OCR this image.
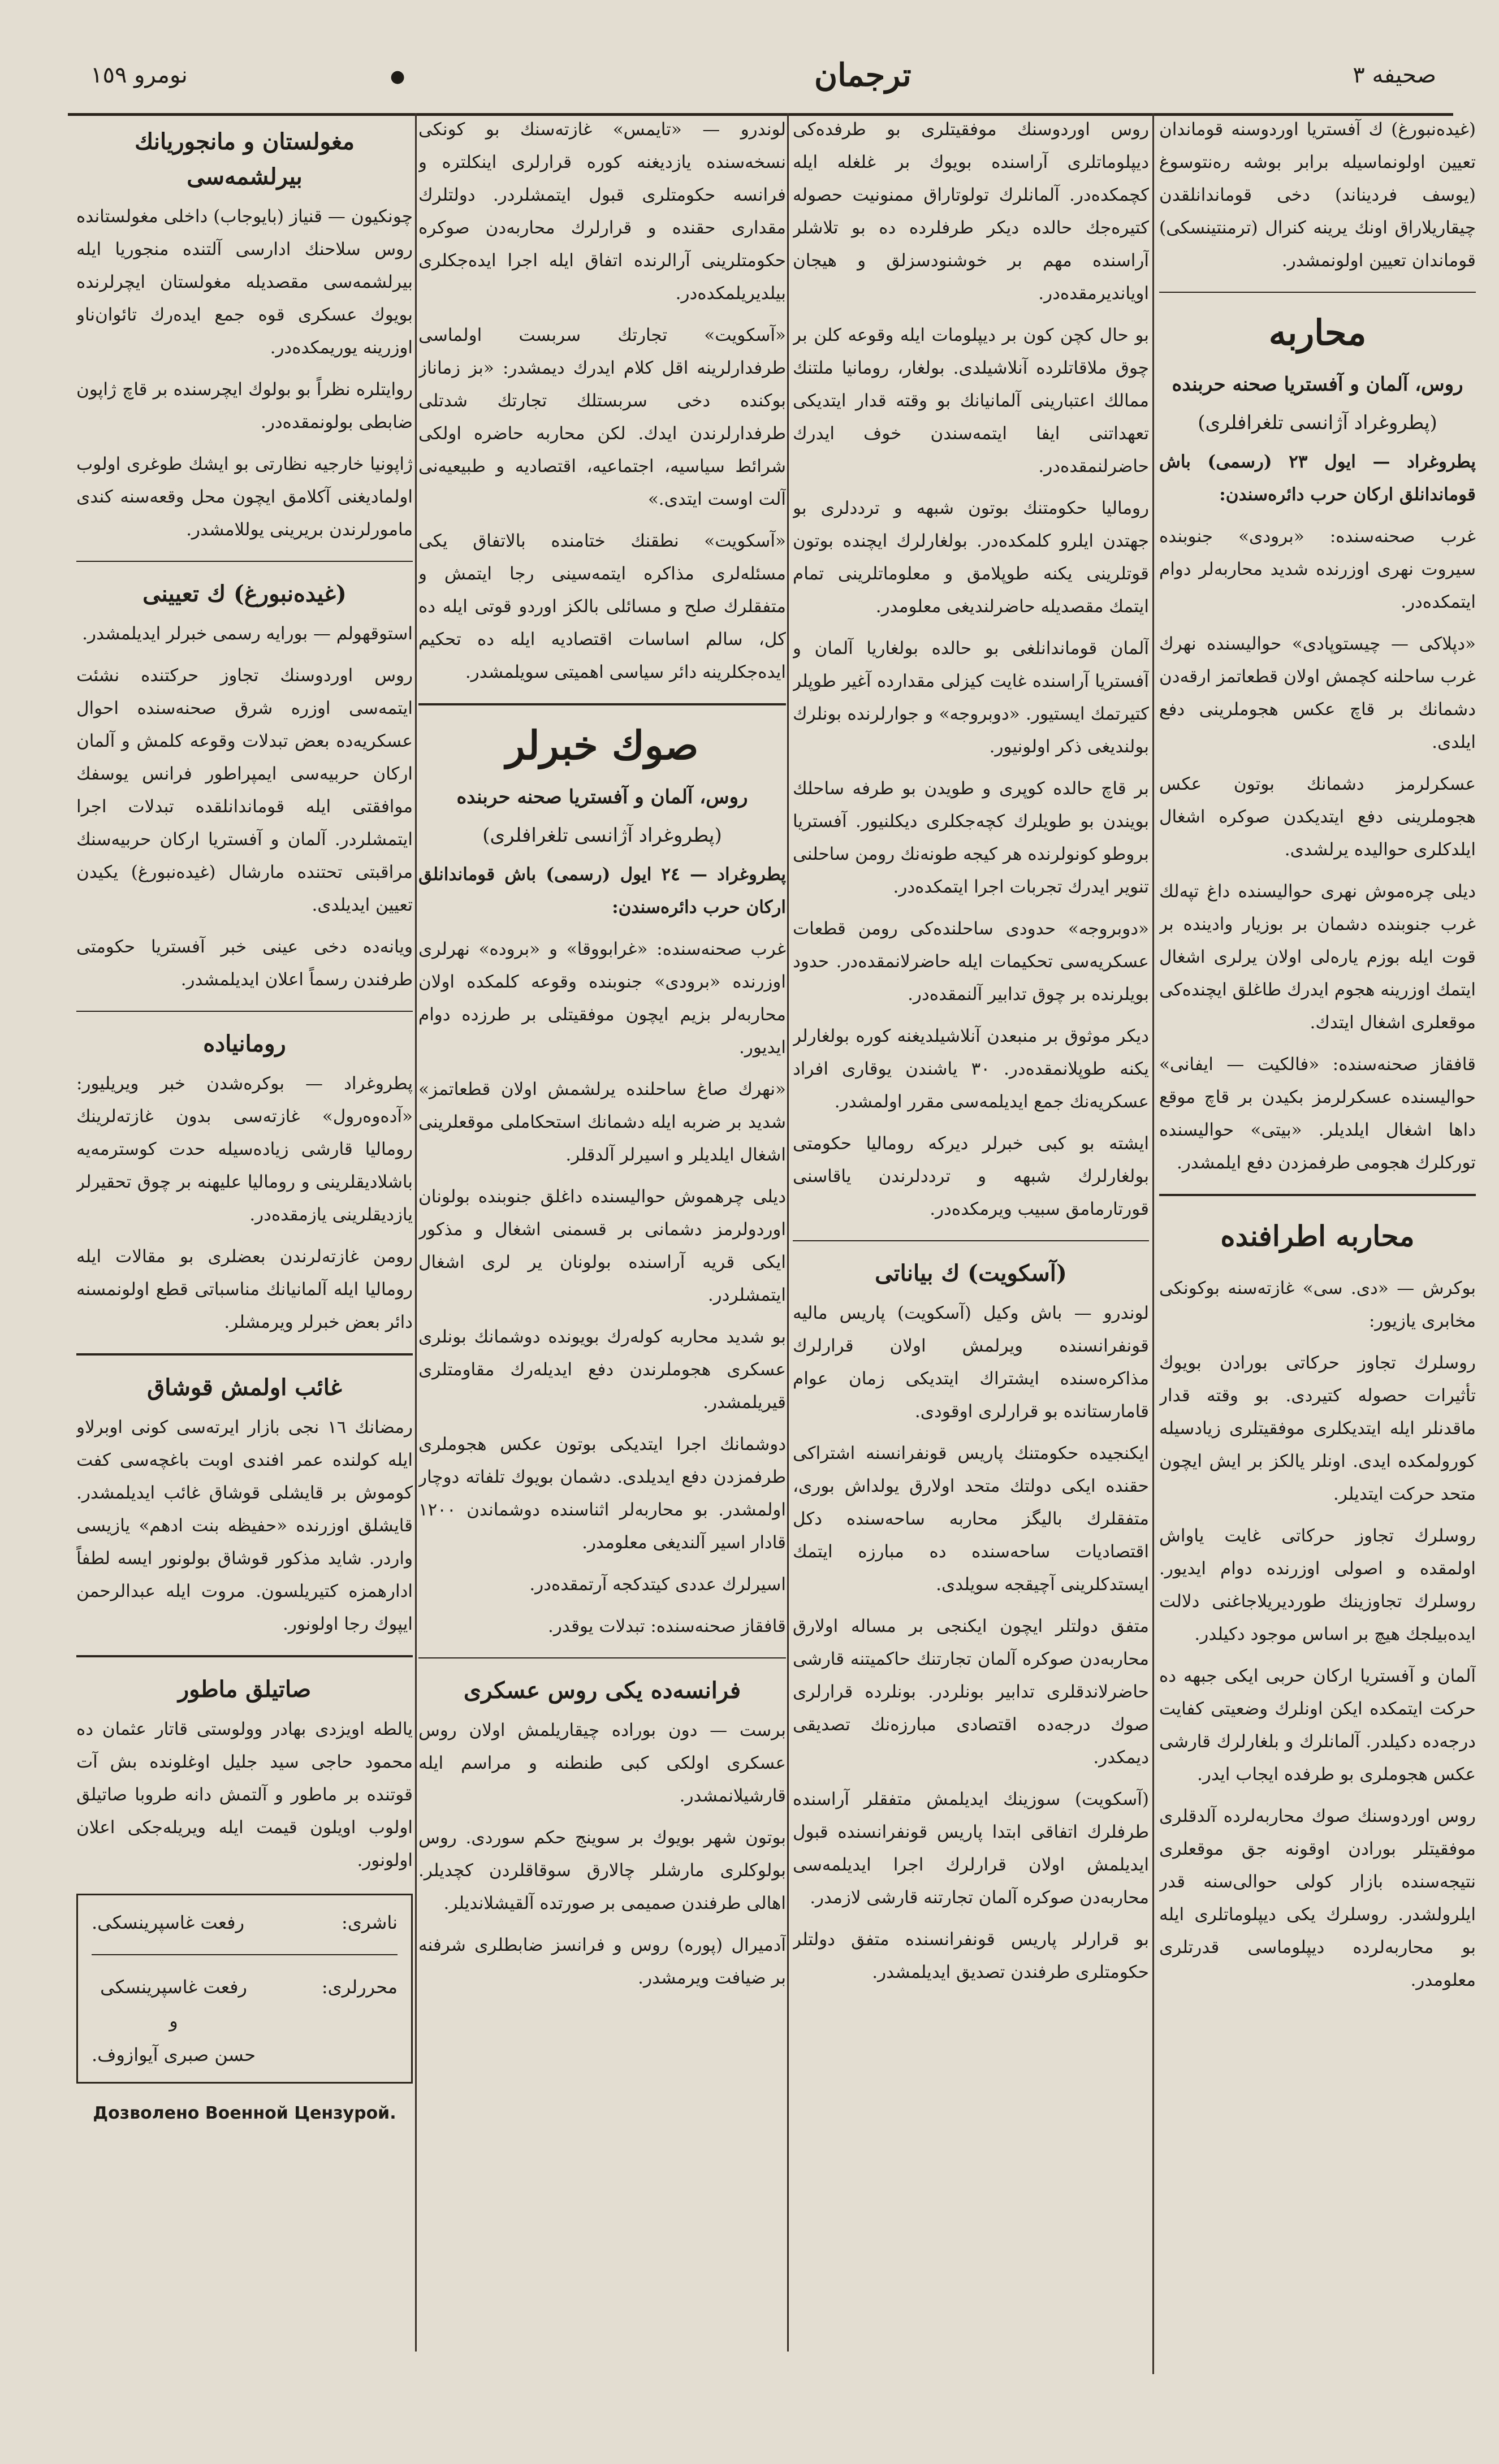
نومرو ١٥٩	●	ترجمان	صحيفه ٣

(غيده‌نبورغ) ك آفستريا اوردوسنه قوماندان تعيين اولونماسيله برابر‌ بوشه ره‌نتوسوغ (يوسف فرديناند) دخى قوماندانلقدن چيقاريلاراق اونك يرينه كنرال (ترمنتينسكى) قوماندان تعيين اولونمشدر.

محاربه
روس، آلمان و آفستريا صحنه حربنده
(پطروغراد آژانسى تلغرافلرى)

پطروغراد — ايول ٢٣ (رسمى) باش قوماندانلق اركان حرب دائره‌سندن:

غرب صحنه‌سنده: «برودى» جنوبنده سيروت نهرى اوزرنده شديد محاربه‌لر دوام ايتمكده‌در.

«دپلاكى — چيستوپادى» حواليسنده نهرك غرب ساحلنه كچمش اولان قطعاتمز ارقه‌دن دشمانك بر قاچ عكس هجوملرينى دفع ايلدى.

عسكرلرمز دشمانك بوتون عكس هجوملرينى دفع ايتديكدن صوكره اشغال ايلدكلرى حواليده يرلشدى.

ديلى چره‌موش نهرى حواليسنده داغ تپه‌لك غرب جنوبنده دشمان بر بوزيار وادينده بر قوت ايله بوزم ياره‌لى اولان يرلرى اشغال ايتمك اوزرينه هجوم ايدرك طاغلق ايچنده‌كى موقعلرى اشغال ايتدك.

قافقاز صحنه‌سنده: «فالكيت — ايفانى» حواليسنده عسكرلرمز بكيدن بر قاچ موقع داها اشغال ايلديلر. «بيتى» حواليسنده توركلرك هجومى طرفمزدن دفع ايلمشدر.

محاربه اطرافنده

بوكرش — «دى. سى» غازته‌سنه بو‌كونكى مخابرى يازيور:

روسلرك تجاوز حركاتى بورادن بويوك تأثيرات حصوله كتيردى. بو وقته قدار ماقدنلر ايله ايتديكلرى موفقيتلرى زيادسيله كورولمكده ايدى. اونلر يالكز بر ايش ايچون متحد حركت ايتديلر.

روسلرك تجاوز حركاتى غايت ياواش اولمقده و اصولى اوزرنده دوام ايديور. روسلرك تجاوزينك طورديريلاجاغنى دلالت ايده‌بيلجك هيچ بر اساس موجود دكيلدر.

آلمان و آفستريا اركان حربى ايكى جبهه ده حركت ايتمكده ايكن اونلرك وضعيتى كفايت درجه‌ده دكيلدر. آلمانلرك و بلغارلرك قارشى عكس هجوملرى بو طرفده ايجاب ايدر.

روس اوردوسنك صوك محاربه‌لرده آلدقلرى موفقيتلر بورادن اوقونه جق موقعلرى نتيجه‌سنده بازار كولى حوالى‌سنه قدر ايلرولشدر. روسلرك يكى ديپلوماتلرى ايله بو محاربه‌لرده ديپلوماسى قدرتلرى معلومدر.

روس اوردوسنك موفقيتلرى بو طرفده‌كى ديپلوماتلرى آراسنده بويوك بر غلغله ايله كچمكده‌در. آلمانلرك تولوتاراق ممنونيت حصوله كتيره‌جك حالده ديكر طرفلرده ده بو تلاشلر آراسنده مهم بر خوشنودسزلق و هيجان اويانديرمقده‌در.

بو حال كچن كون بر ديپلومات ايله وقوعه كلن بر چوق ملاقاتلرده آنلاشيلدى. بولغار، رومانيا ملتنك ممالك اعتبارينى آلمانيانك بو وقته قدار ايتديكى تعهداتنى ايفا ايتمه‌سندن خوف ايدرك حاضرلنمقده‌در.

روماليا حكومتنك بوتون شبهه و ترددلرى بو جهتدن ايلرو كلمكده‌در. بولغارلرك ايچنده بوتون قوتلرينى يكنه طوپلامق و معلوماتلرينى تمام ايتمك مقصديله حاضرلنديغى معلومدر.

آلمان قوماندانلغى بو حالده بولغاريا آلمان و آفستريا آراسنده غايت كيزلى مقدارده آغير طوپلر كتيرتمك ايستيور. «دوبروجه» و جوارلرنده بونلرك بولنديغى ذكر اولونيور.

بر قاچ حالده كوپرى و طويدن بو طرفه ساحلك بويندن بو طويلرك كچه‌جكلرى ديكلنيور. آفستريا بروطو كونولرنده هر كيجه طونه‌نك رومن ساحلنى تنوير ايدرك تجربات اجرا ايتمكده‌در.

«دوبروجه» حدودى ساحلنده‌كى رومن قطعات عسكريه‌سى تحكيمات ايله حاضرلانمقده‌در. حدود بويلرنده بر چوق تدابير آلنمقده‌در.

ديكر موثوق بر منبعدن آنلاشيلديغنه كوره بولغارلر يكنه طوپلانمقده‌در. ٣٠ ياشندن يوقارى افراد عسكريه‌نك جمع ايديلمه‌سى مقرر اولمشدر.

ايشته بو كبى خبرلر ديركه روماليا حكومتى بولغارلرك شبهه و ترددلرندن ياقاسنى قورتارمامق سبيب ويرمكده‌در.

(آسكويت) ك بياناتى

لوندرو — باش وكيل (آسكويت) پاريس ماليه قونفرانسنده ويرلمش اولان قرارلرك مذاكره‌سنده ايشتراك ايتديكى زمان عوام قامارستانده بو قرارلرى اوقودى.

ايكنجيده حكومتنك پاريس قونفرانسنه اشتراكى حقنده ايكى دولتك متحد اولارق يولداش بورى، متفقلرك باليگز محاربه ساحه‌سنده دكل اقتصاديات ساحه‌سنده ده مبارزه ايتمك ايستدكلرينى آچيقجه سويلدى.

متفق دولتلر ايچون ايكنجى بر مساله اولارق محاربه‌دن صوكره آلمان تجارتنك حاكميتنه قارشى حاضرلاندقلرى تدابير بونلردر. بونلرده قرارلرى صوك درجه‌ده اقتصادى مبارزه‌نك تصديقى ديمكدر.

(آسكويت) سوزينك ايديلمش متفقلر آراسنده طرفلرك اتفاقى ابتدا پاريس قونفرانسنده قبول ايديلمش اولان قرارلرك اجرا ايديلمه‌سى محاربه‌دن صوكره آلمان تجارتنه قارشى لازمدر.

بو قرارلر پاريس قونفرانسنده متفق دولتلر حكومتلرى طرفندن تصديق ايديلمشدر.

لوندرو — «تايمس» غازته‌سنك بو كونكى نسخه‌سنده يازديغنه كوره قرارلرى اينكلتره و فرانسه حكومتلرى قبول ايتمشلردر. دولتلرك مقدارى حقنده و قرارلرك محاربه‌دن صوكره حكومتلرينى آرالرنده اتفاق ايله اجرا ايده‌جكلرى بيلديريلمكده‌در.

«آسكويت» تجارتك سربست اولماسى طرفدارلرينه اقل كلام ايدرك ديمشدر: «بز زماناز بوكنده دخى سربستلك تجارتك شدتلى طرفدارلرندن ايدك. لكن محاربه حاضره اولكى شرائط سياسيه، اجتماعيه، اقتصاديه و طبيعيه‌نى آلت اوست ايتدى.»

«آسكويت» نطقنك ختامنده بالاتفاق يكى مسئله‌لرى مذاكره ايتمه‌سينى رجا ايتمش و متفقلرك صلح و مسائلى بالكز اوردو قوتى ايله ده كل، سالم اساسات اقتصاديه ايله ده تحكيم ايده‌جكلرينه دائر سياسى اهميتى سويلمشدر.

صوك خبرلر
روس، آلمان و آفستريا صحنه حربنده
(پطروغراد آژانسى تلغرافلرى)

پطروغراد — ٢٤ ايول (رسمى) باش قوماندانلق اركان حرب دائره‌سندن:

غرب صحنه‌سنده: «غرابووقا» و «بروده» نهرلرى اوزرنده «برودى» جنوبنده وقوعه كلمكده اولان محاربه‌لر بزيم ايچون موفقيتلى بر طرزده دوام ايديور.

«نهرك صاغ ساحلنده يرلشمش اولان قطعاتمز» شديد بر ضربه ايله دشمانك استحكاملى موقعلرينى اشغال ايلديلر و اسيرلر آلدقلر.

ديلى چرهموش حواليسنده داغلق جنوبنده بولونان اوردولرمز دشمانى بر قسمنى اشغال و مذكور ايكى قريه آراسنده بولونان ير لرى اشغال ايتمشلردر.

بو شديد محاربه كوله‌رك بويونده دوشمانك بونلرى عسكرى هجوملرندن دفع ايديله‌رك مقاومتلرى قيريلمشدر.

دوشمانك اجرا ايتديكى بوتون عكس هجوملرى طرفمزدن دفع ايديلدى. دشمان بويوك تلفاته دوچار اولمشدر. بو محاربه‌لر اثناسنده دوشماندن ١٢٠٠ قادار اسير آلنديغى معلومدر.

اسيرلرك عددى كيتدكجه آرتمقده‌در.

قافقاز صحنه‌سنده: تبدلات يوقدر.

فرانسه‌ده يكى روس عسكرى

برست — دون بوراده چيقاريلمش اولان روس عسكرى اولكى كبى طنطنه و مراسم ايله قارشيلانمشدر.

بوتون شهر بويوك بر سوينج حكم سوردى. روس بولوكلرى مارشلر چالارق سوقاقلردن كچديلر. اهالى طرفندن صميمى بر صورتده آلقيشلانديلر.

آدميرال (پوره) روس و فرانسز ضابطلرى شرفنه بر ضيافت ويرمشدر.

مغولستان و مانجوريانك بيرلشمه‌سى

چونكيون — قنياز (بايوجاب) داخلى مغولستانده روس سلاحنك ادارسى آلتنده منجوريا ايله بيرلشمه‌سى مقصديله مغولستان ايچرلرنده بويوك عسكرى قوه جمع ايده‌رك تائوان‌ناو اوزرينه يوريمكده‌در.

روايتلره نظراً بو بولوك ايچرسنده بر قاچ ژاپون ضابطى بولونمقده‌در.

ژاپونيا خارجيه نظارتى بو ايشك طوغرى اولوب اولماديغنى آكلامق ايچون محل وقعه‌سنه كندى مامورلرندن بريرينى يوللامشدر.

(غيده‌نبورغ) ك تعيينى

استوقهولم — بورايه رسمى خبرلر ايديلمشدر.

روس اوردوسنك تجاوز حركتنده نشئت ايتمه‌سى اوزره شرق صحنه‌سنده احوال عسكريه‌ده بعض تبدلات وقوعه كلمش و آلمان اركان حربيه‌سى ايمپراطور فرانس يوسفك موافقتى ايله قوماندانلقده تبدلات اجرا ايتمشلردر. آلمان و آفستريا اركان حربيه‌سنك مراقبتى تحتنده مارشال (غيده‌نبورغ) يكيدن تعيين ايديلدى.

ويانه‌ده دخى عينى خبر آفستريا حكومتى طرفندن رسماً اعلان ايديلمشدر.

رومانياده

پطروغراد — بوكره‌شدن خبر ويريليور: «آده‌وه‌رول» غازته‌سى بدون غازته‌لرينك روماليا قارشى زياده‌سيله حدت كوسترمه‌يه باشلاديقلرينى و روماليا عليهنه بر چوق تحقيرلر يازديقلرينى يازمقده‌در.

رومن غازته‌لرندن بعضلرى بو مقالات ايله روماليا ايله آلمانيانك مناسباتى قطع اولونمسنه دائر بعض خبرلر ويرمشلر.

غائب اولمش قوشاق

رمضانك ١٦ نجى بازار ايرته‌سى كونى اوبرلاو ايله كولنده عمر افندى اوبت باغچه‌سى كفت كوموش بر قايشلى قوشاق غائب ايديلمشدر. قايشلق اوزرنده «حفيظه بنت ادهم» يازيسى واردر. شايد مذكور قوشاق بولونور ايسه لطفاً ادارهمزه كتيريلسون. مروت ايله عبدالرحمن ايپوك رجا اولونور.

صاتيلق ماطور

يالطه اويزدى بهادر وولوستى قاتار عثمان ده محمود حاجى سيد جليل اوغلونده بش آت قوتنده بر ماطور و آلتمش دانه طروبا صاتيلق اولوب اويلون قيمت ايله ويريله‌جكى اعلان اولونور.

ناشرى:
رفعت غاسپرينسكى.
محررلرى:
رفعت غاسپرينسكى
و
حسن صبرى آيوازوف.
Дозволено Военной Цензурой.
